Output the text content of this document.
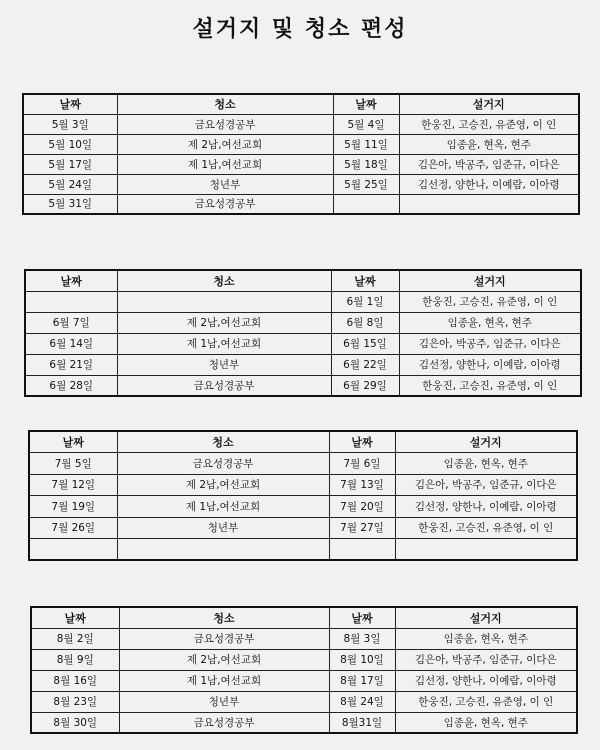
설거지 및 청소 편성
날짜	청소	날짜	설거지
5월 3일	금요성경공부	5월 4일	한웅진, 고승진, 유준영, 이 인
5월 10일	제 2남,여선교회	5월 11일	임종윤, 현옥, 현주
5월 17일	제 1남,여선교회	5월 18일	김은아, 박공주, 임준규, 이다은
5월 24일	청년부	5월 25일	김선정, 양한나, 이예람, 이아령
5월 31일	금요성경공부		
날짜	청소	날짜	설거지
		6월 1일	한웅진, 고승진, 유준영, 이 인
6월 7일	제 2남,여선교회	6월 8일	임종윤, 현옥, 현주
6월 14일	제 1남,여선교회	6월 15일	김은아, 박공주, 임준규, 이다은
6월 21일	청년부	6월 22일	김선정, 양한나, 이예람, 이아령
6월 28일	금요성경공부	6월 29일	한웅진, 고승진, 유준영, 이 인
날짜	청소	날짜	설거지
7월 5일	금요성경공부	7월 6일	임종윤, 현옥, 현주
7월 12일	제 2남,여선교회	7월 13일	김은아, 박공주, 임준규, 이다은
7월 19일	제 1남,여선교회	7월 20일	김선정, 양한나, 이예람, 이아령
7월 26일	청년부	7월 27일	한웅진, 고승진, 유준영, 이 인

날짜	청소	날짜	설거지
8월 2일	금요성경공부	8월 3일	임종윤, 현옥, 현주
8월 9일	제 2남,여선교회	8월 10일	김은아, 박공주, 임준규, 이다은
8월 16일	제 1남,여선교회	8월 17일	김선정, 양한나, 이예람, 이아령
8월 23일	청년부	8월 24일	한웅진, 고승진, 유준영, 이 인
8월 30일	금요성경공부	8월31일	임종윤, 현옥, 현주
